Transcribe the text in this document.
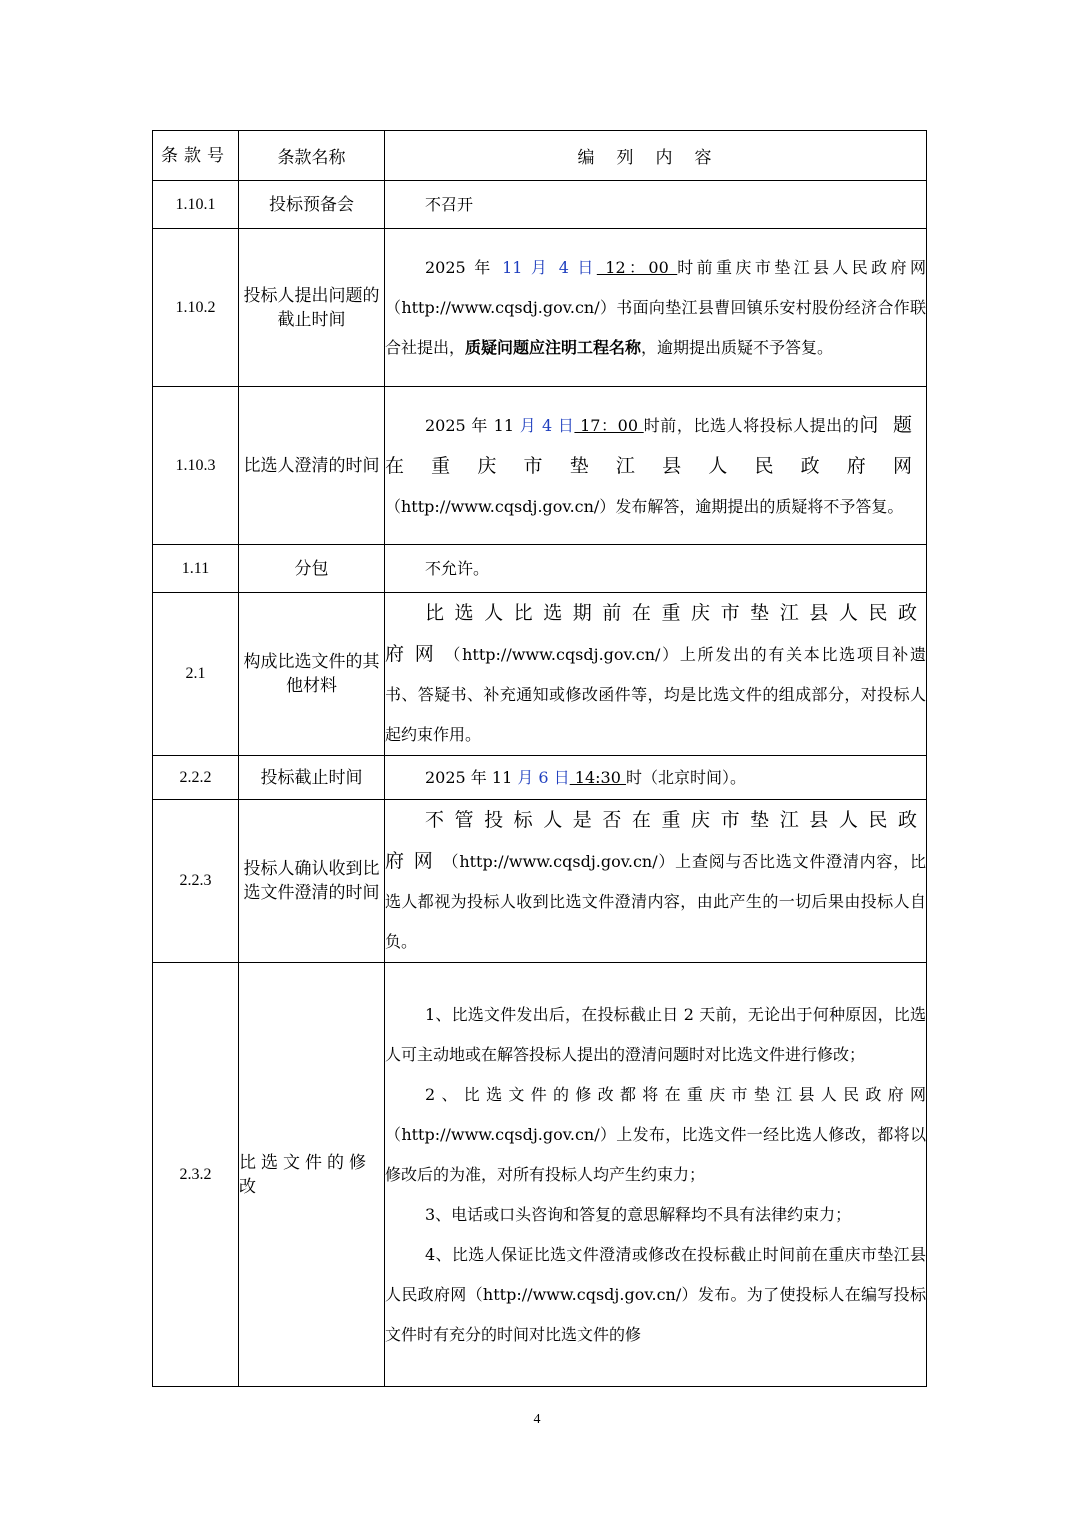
条款号	条款名称	编列内容
1.10.1	投标预备会	不召开

1.10.2	投标人提出问题的截止时间	2025 年 11 月 4 日 12：00 时前重庆市垫江县人民政府网（http://www.cqsdj.gov.cn/）书面向垫江县曹回镇乐安村股份经济合作联合社提出，质疑问题应注明工程名称，逾期提出质疑不予答复。

1.10.3	比选人澄清的时间	2025 年 11 月 4 日 17：00 时前，比选人将投标人提出的问题在重庆市垫江县人民政府网（http://www.cqsdj.gov.cn/）发布解答，逾期提出的质疑将不予答复。

1.11	分包	不允许。

2.1	构成比选文件的其他材料	比选人比选期前在重庆市垫江县人民政府网（http://www.cqsdj.gov.cn/）上所发出的有关本比选项目补遗书、答疑书、补充通知或修改函件等，均是比选文件的组成部分，对投标人起约束作用。

2.2.2	投标截止时间	2025 年 11 月 6 日 14:30 时（北京时间）。

2.2.3	投标人确认收到比选文件澄清的时间	不管投标人是否在重庆市垫江县人民政府网（http://www.cqsdj.gov.cn/）上查阅与否比选文件澄清内容，比选人都视为投标人收到比选文件澄清内容，由此产生的一切后果由投标人自负。

2.3.2	比选文件的修改	1、比选文件发出后，在投标截止日 2 天前，无论出于何种原因，比选人可主动地或在解答投标人提出的澄清问题时对比选文件进行修改；

2、比选文件的修改都将在重庆市垫江县人民政府网（http://www.cqsdj.gov.cn/）上发布，比选文件一经比选人修改，都将以修改后的为准，对所有投标人均产生约束力；

3、电话或口头咨询和答复的意思解释均不具有法律约束力；

4、比选人保证比选文件澄清或修改在投标截止时间前在重庆市垫江县人民政府网（http://www.cqsdj.gov.cn/）发布。为了使投标人在编写投标文件时有充分的时间对比选文件的修

4
